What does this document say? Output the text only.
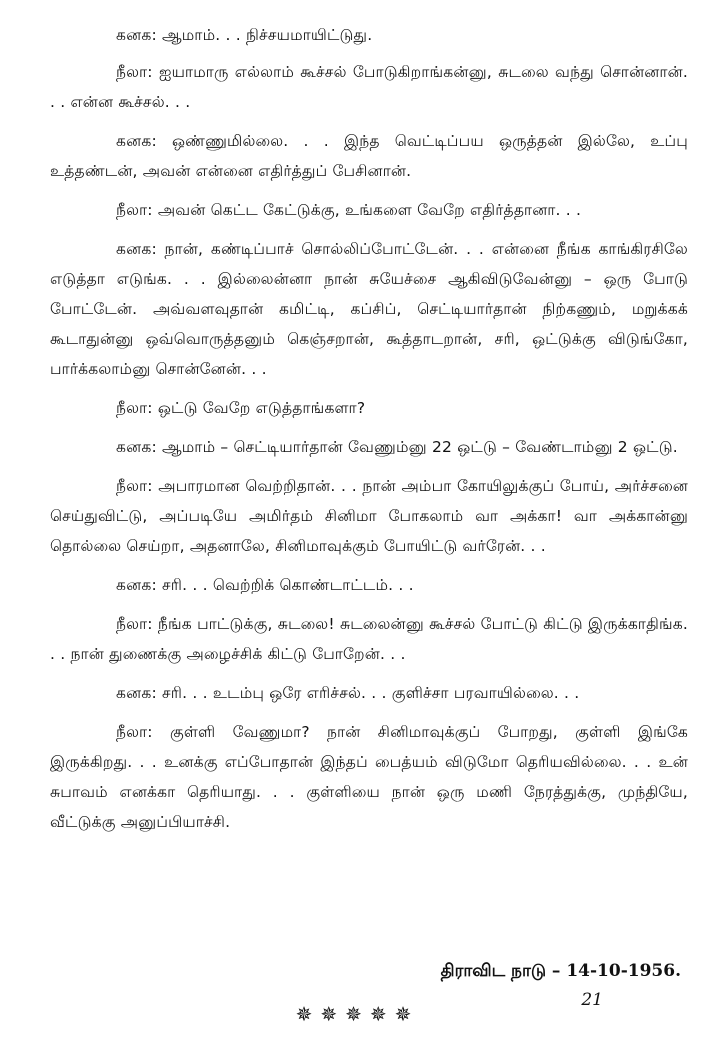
கனக: ஆமாம். . . நிச்சயமாயிட்டுது.

நீலா: ஐயாமாரு எல்லாம் கூச்சல் போடுகிறாங்கன்னு, சுடலை வந்து சொன்னான். . . என்ன கூச்சல். . .

கனக: ஒண்ணுமில்லை. . . இந்த வெட்டிப்பய ஒருத்தன் இல்லே, உப்பு உத்தண்டன், அவன் என்னை எதிர்த்துப் பேசினான்.

நீலா: அவன் கெட்ட கேட்டுக்கு, உங்களை வேறே எதிர்த்தானா. . .

கனக: நான், கண்டிப்பாச் சொல்லிப்போட்டேன். . . என்னை நீங்க காங்கிரசிலே எடுத்தா எடுங்க. . . இல்லைன்னா நான் சுயேச்சை ஆகிவிடுவேன்னு – ஒரு போடு போட்டேன். அவ்வளவுதான் கமிட்டி, கப்சிப், செட்டியார்தான் நிற்கணும், மறுக்கக் கூடாதுன்னு ஒவ்வொருத்தனும் கெஞ்சறான், கூத்தாடறான், சரி, ஒட்டுக்கு விடுங்கோ, பார்க்கலாம்னு சொன்னேன். . .

நீலா: ஒட்டு வேறே எடுத்தாங்களா?

கனக: ஆமாம் – செட்டியார்தான் வேணும்னு 22 ஒட்டு – வேண்டாம்னு 2 ஒட்டு.

நீலா: அபாரமான வெற்றிதான். . . நான் அம்பா கோயிலுக்குப் போய், அர்ச்சனை செய்துவிட்டு, அப்படியே அமிர்தம் சினிமா போகலாம் வா அக்கா! வா அக்கான்னு தொல்லை செய்றா, அதனாலே, சினிமாவுக்கும் போயிட்டு வர்ரேன். . .

கனக: சரி. . . வெற்றிக் கொண்டாட்டம். . .

நீலா: நீங்க பாட்டுக்கு, சுடலை! சுடலைன்னு கூச்சல் போட்டு கிட்டு இருக்காதிங்க. . . நான் துணைக்கு அழைச்சிக் கிட்டு போறேன். . .

கனக: சரி. . . உடம்பு ஒரே எரிச்சல். . . குளிச்சா பரவாயில்லை. . .

நீலா: குள்ளி வேணுமா? நான் சினிமாவுக்குப் போறது, குள்ளி இங்கே இருக்கிறது. . . உனக்கு எப்போதான் இந்தப் பைத்யம் விடுமோ தெரியவில்லை. . . உன் சுபாவம் எனக்கா தெரியாது. . . குள்ளியை நான் ஒரு மணி நேரத்துக்கு, முந்தியே, வீட்டுக்கு அனுப்பியாச்சி.

திராவிட நாடு – 14-10-1956.
21
✵✵✵✵✵
